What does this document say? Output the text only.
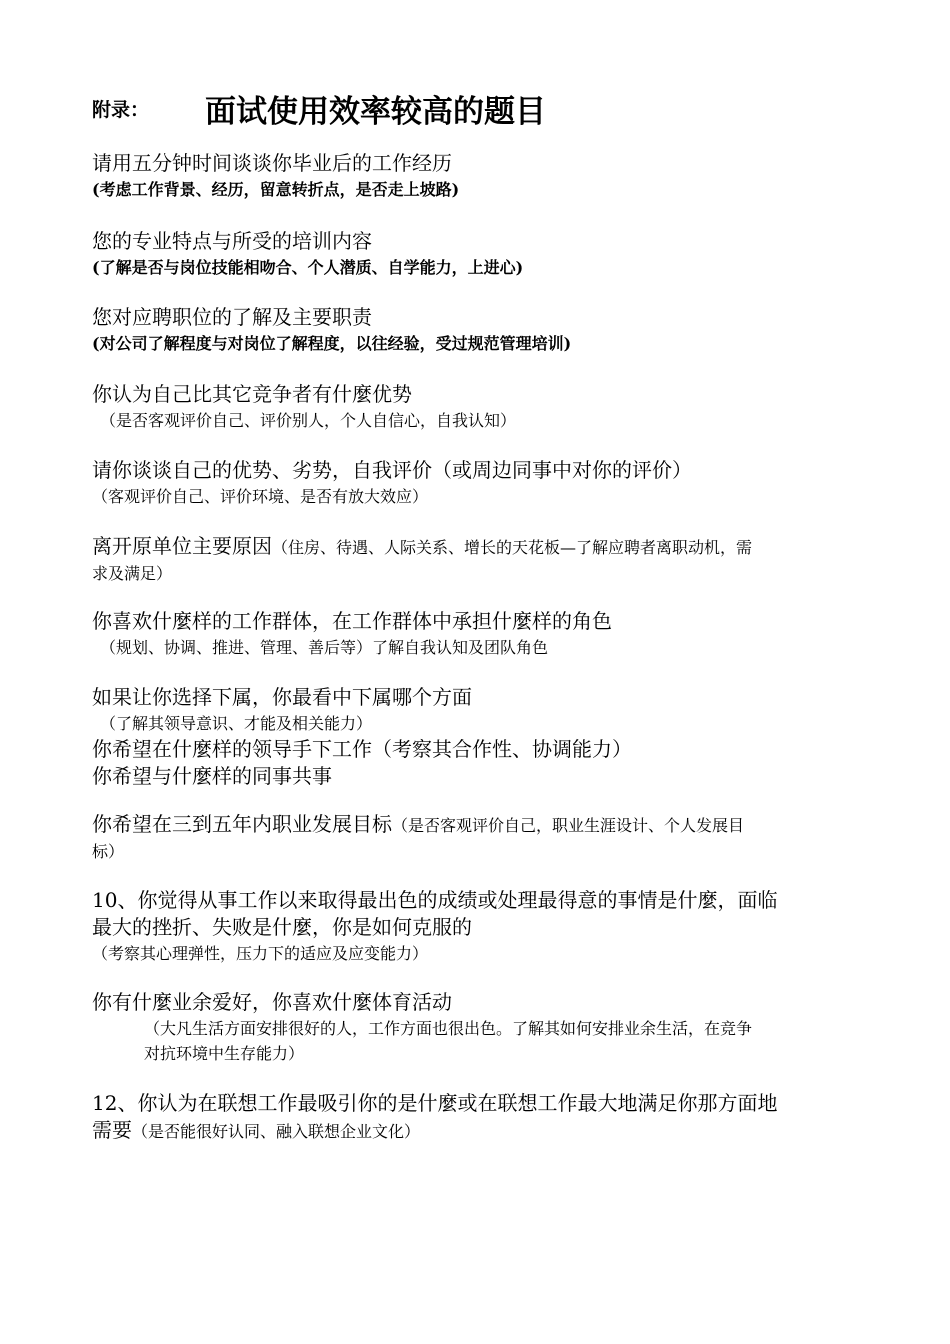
附录： 面试使用效率较高的题目
请用五分钟时间谈谈你毕业后的工作经历
(考虑工作背景、经历，留意转折点，是否走上坡路)
您的专业特点与所受的培训内容
(了解是否与岗位技能相吻合、个人潜质、自学能力，上进心)
您对应聘职位的了解及主要职责
(对公司了解程度与对岗位了解程度，以往经验，受过规范管理培训)
你认为自己比其它竞争者有什麼优势
（是否客观评价自己、评价别人，个人自信心，自我认知）
请你谈谈自己的优势、劣势，自我评价（或周边同事中对你的评价）
（客观评价自己、评价环境、是否有放大效应）
离开原单位主要原因（住房、待遇、人际关系、增长的天花板—了解应聘者离职动机，需
求及满足）
你喜欢什麼样的工作群体，在工作群体中承担什麼样的角色
（规划、协调、推进、管理、善后等）了解自我认知及团队角色
如果让你选择下属，你最看中下属哪个方面
（了解其领导意识、才能及相关能力）
你希望在什麼样的领导手下工作（考察其合作性、协调能力）
你希望与什麼样的同事共事
你希望在三到五年内职业发展目标（是否客观评价自己，职业生涯设计、个人发展目
标）
10、你觉得从事工作以来取得最出色的成绩或处理最得意的事情是什麼，面临
最大的挫折、失败是什麼，你是如何克服的
（考察其心理弹性，压力下的适应及应变能力）
你有什麼业余爱好，你喜欢什麼体育活动
（大凡生活方面安排很好的人，工作方面也很出色。了解其如何安排业余生活，在竞争
对抗环境中生存能力）
12、你认为在联想工作最吸引你的是什麼或在联想工作最大地满足你那方面地
需要（是否能很好认同、融入联想企业文化）
